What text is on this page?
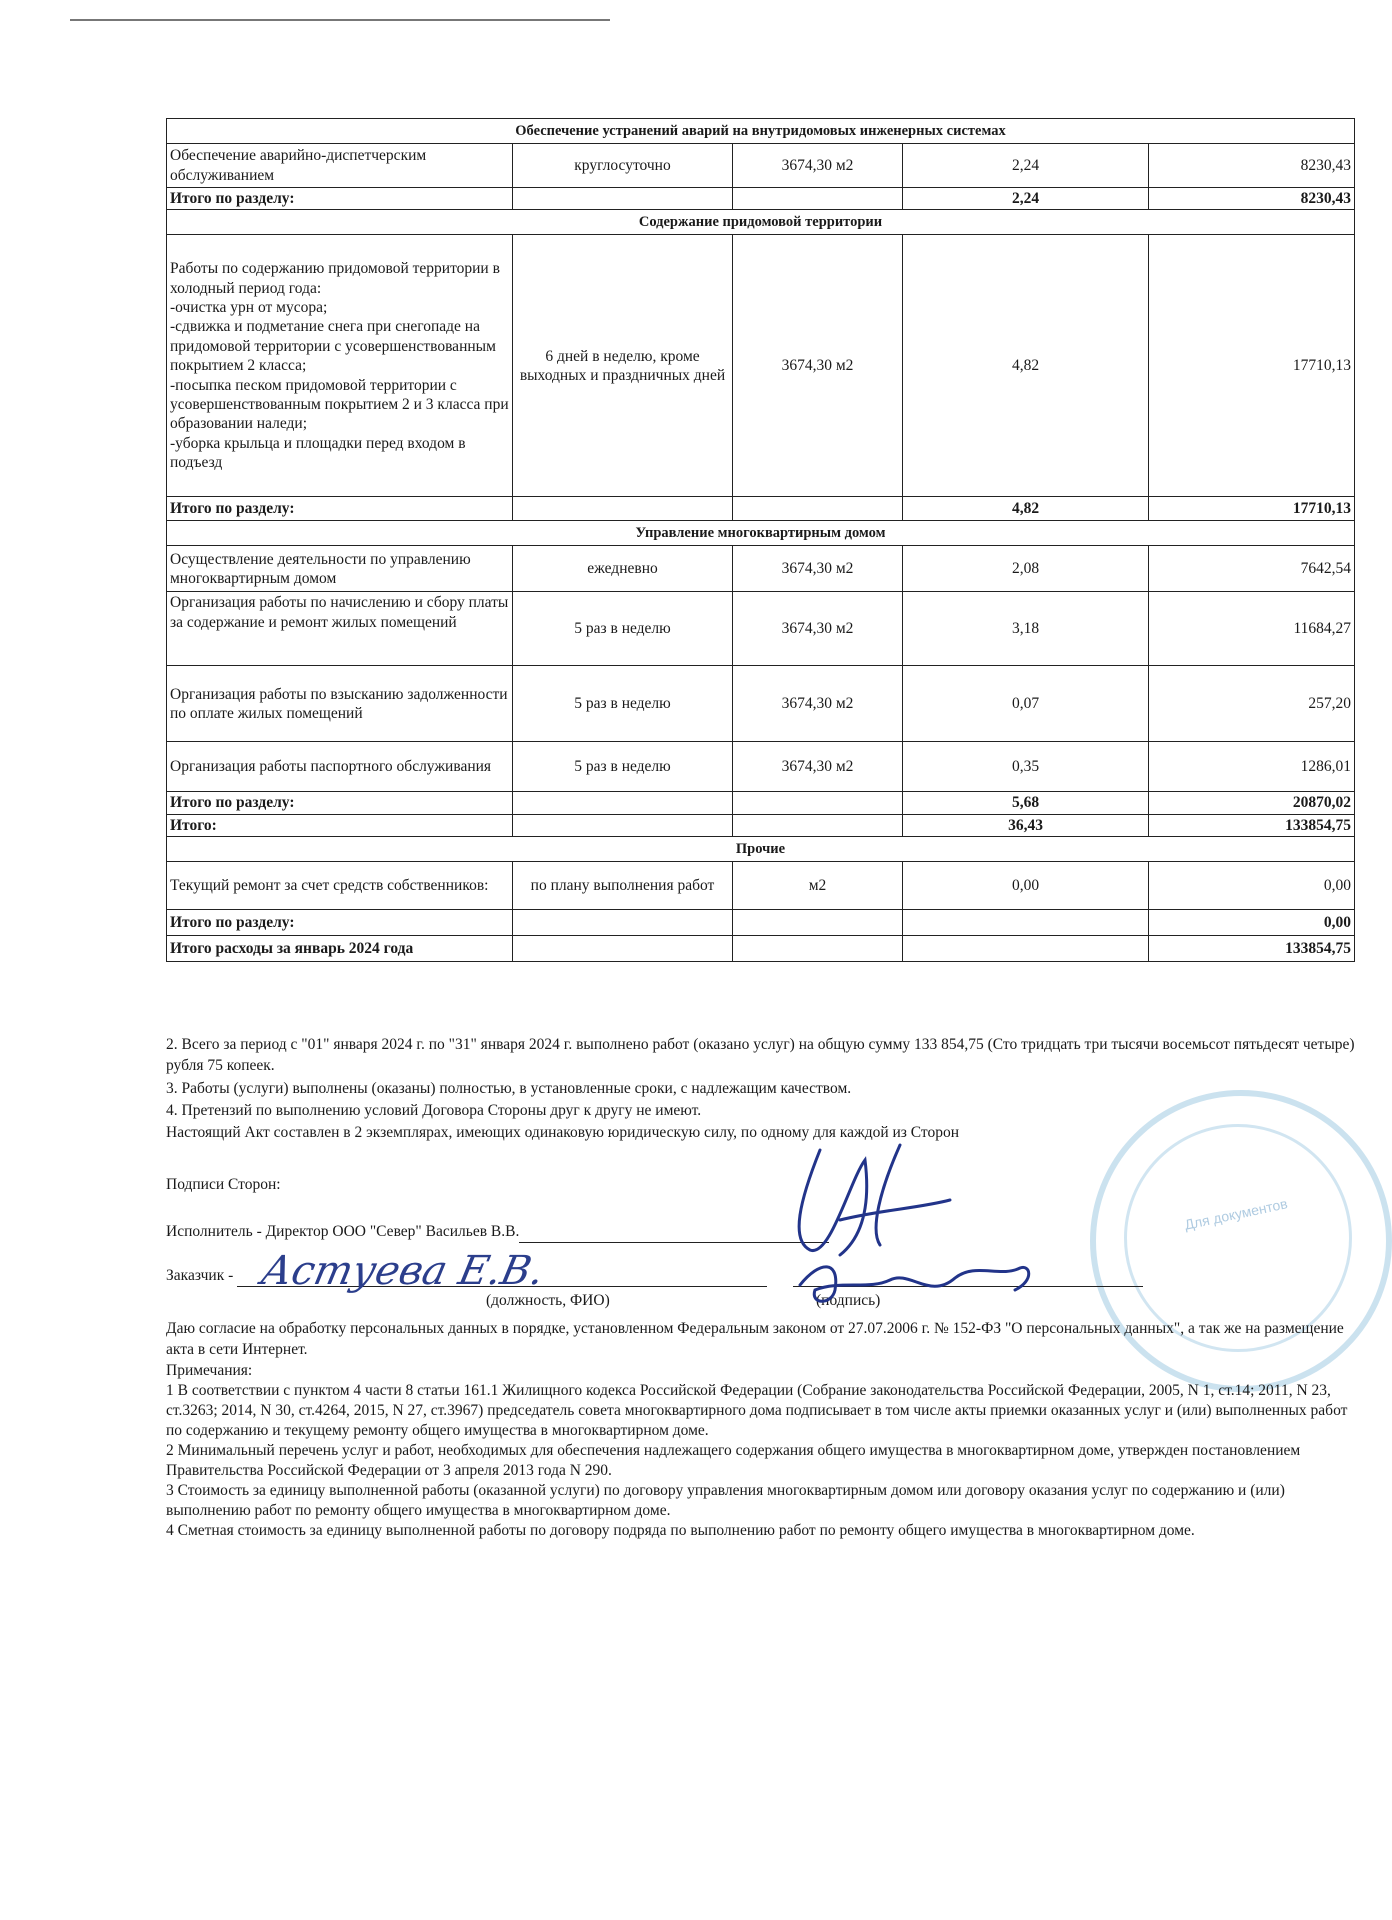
Обеспечение устранений аварий на внутридомовых инженерных системах				
Обеспечение аварийно-диспетчерским обслуживанием	круглосуточно	3674,30 м2	2,24	8230,43
Итого по разделу:			2,24	8230,43
Содержание придомовой территории				
Работы по содержанию придомовой территории в холодный период года:
-очистка урн от мусора;
-сдвижка и подметание снега при снегопаде на придомовой территории с усовершенствованным покрытием 2 класса;
-посыпка песком придомовой территории с усовершенствованным покрытием 2 и 3 класса при образовании наледи;
-уборка крыльца и площадки перед входом в подъезд	6 дней в неделю, кроме выходных и праздничных дней	3674,30 м2	4,82	17710,13
Итого по разделу:			4,82	17710,13
Управление многоквартирным домом				
Осуществление деятельности по управлению многоквартирным домом	ежедневно	3674,30 м2	2,08	7642,54
Организация работы по начислению и сбору платы за содержание и ремонт жилых помещений	5 раз в неделю	3674,30 м2	3,18	11684,27
Организация работы по взысканию задолженности по оплате жилых помещений	5 раз в неделю	3674,30 м2	0,07	257,20
Организация работы паспортного обслуживания	5 раз в неделю	3674,30 м2	0,35	1286,01
Итого по разделу:			5,68	20870,02
Итого:			36,43	133854,75
Прочие				
Текущий ремонт за счет средств собственников:	по плану выполнения работ	м2	0,00	0,00
Итого по разделу:				0,00
Итого расходы за январь 2024 года				133854,75
Для документов
2. Всего за период с "01" января 2024 г. по "31" января 2024 г. выполнено работ (оказано услуг) на общую сумму 133 854,75 (Сто тридцать три тысячи восемьсот пятьдесят четыре) рубля 75 копеек.
3. Работы (услуги) выполнены (оказаны) полностью, в установленные сроки, с надлежащим качеством.
4. Претензий по выполнению условий Договора Стороны друг к другу не имеют.
Настоящий Акт составлен в 2 экземплярах, имеющих одинаковую юридическую силу, по одному для каждой из Сторон
Подписи Сторон:
Исполнитель - Директор ООО "Север" Васильев В.В.
Заказчик -
(должность, ФИО)	(подпись)
Астуева Е.В.
Даю согласие на обработку персональных данных в порядке, установленном Федеральным законом от 27.07.2006 г. № 152-ФЗ "О персональных данных", а так же на размещение акта в сети Интернет.
Примечания:
1 В соответствии с пунктом 4 части 8 статьи 161.1 Жилищного кодекса Российской Федерации (Собрание законодательства Российской Федерации, 2005, N 1, ст.14; 2011, N 23, ст.3263; 2014, N 30, ст.4264, 2015, N 27, ст.3967) председатель совета многоквартирного дома подписывает в том числе акты приемки оказанных услуг и (или) выполненных работ по содержанию и текущему ремонту общего имущества в многоквартирном доме.
2 Минимальный перечень услуг и работ, необходимых для обеспечения надлежащего содержания общего имущества в многоквартирном доме, утвержден постановлением Правительства Российской Федерации от 3 апреля 2013 года N 290.
3 Стоимость за единицу выполненной работы (оказанной услуги) по договору управления многоквартирным домом или договору оказания услуг по содержанию и (или) выполнению работ по ремонту общего имущества в многоквартирном доме.
4 Сметная стоимость за единицу выполненной работы по договору подряда по выполнению работ по ремонту общего имущества в многоквартирном доме.
